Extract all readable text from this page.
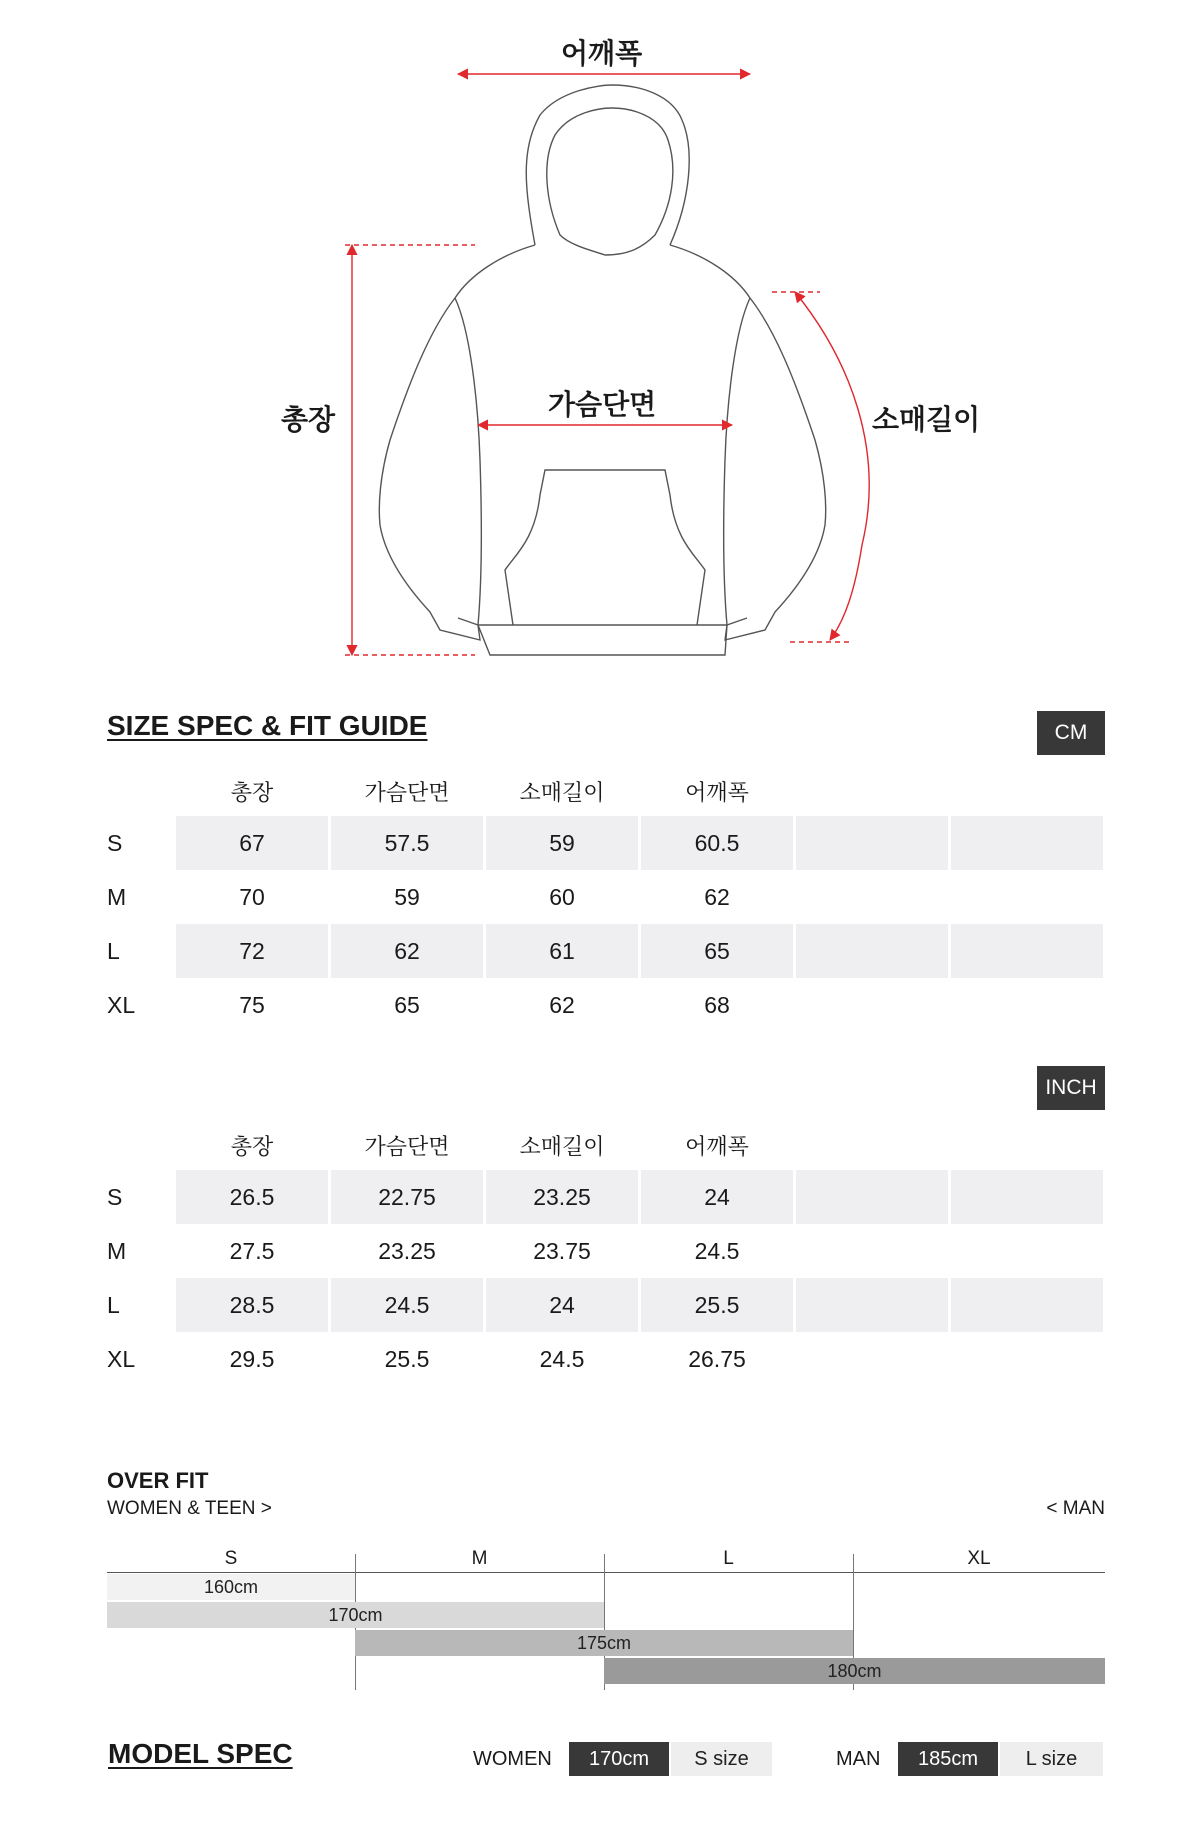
어깨폭
가슴단면
총장	소매길이
SIZE SPEC & FIT GUIDE	CM
총장	가슴단면	소매길이	어깨폭
S	67	57.5	59	60.5
M	70	59	60	62
L	72	62	61	65
XL	75	65	62	68
INCH
총장	가슴단면	소매길이	어깨폭
S	26.5	22.75	23.25	24
M	27.5	23.25	23.75	24.5
L	28.5	24.5	24	25.5
XL	29.5	25.5	24.5	26.75
OVER FIT
WOMEN & TEEN >	< MAN
S	M	L	XL
160cm
170cm
175cm
180cm
MODEL SPEC	WOMEN	170cm	S size	MAN	185cm	L size
